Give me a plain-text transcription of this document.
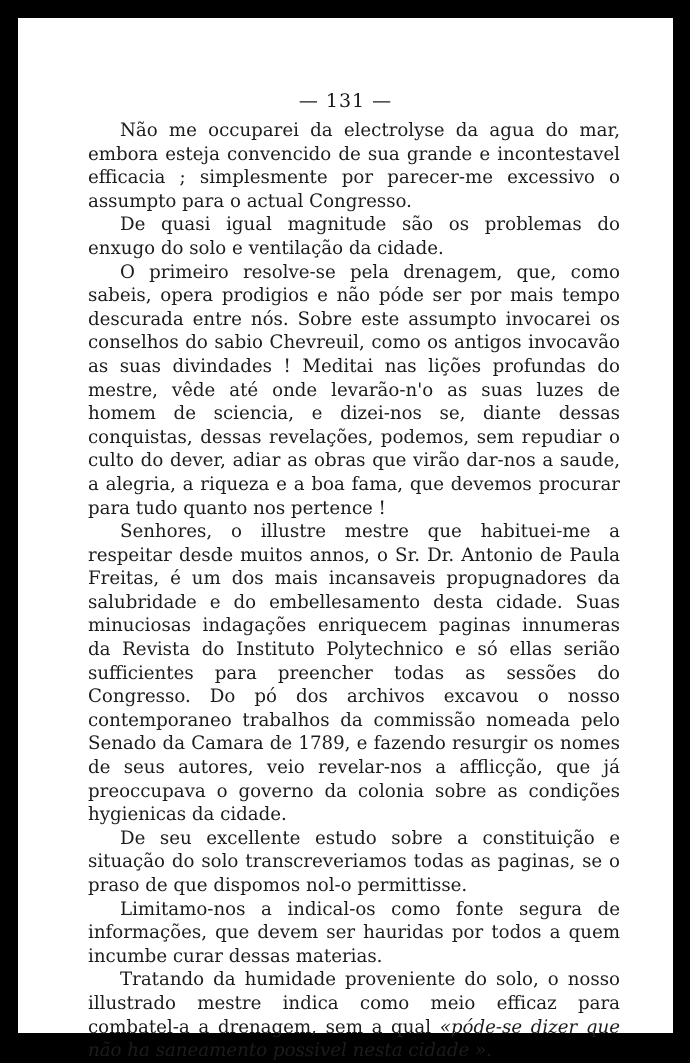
— 131 —

Não me occuparei da electrolyse da agua do mar, embora esteja convencido de sua grande e incontestavel efficacia ; simplesmente por parecer-me excessivo o assumpto para o actual Congresso.

De quasi igual magnitude são os problemas do enxugo do solo e ventilação da cidade.

O primeiro resolve-se pela drenagem, que, como sabeis, opera prodigios e não póde ser por mais tempo descurada entre nós. Sobre este assumpto invocarei os conselhos do sabio Chevreuil, como os antigos invocavão as suas divindades ! Meditai nas lições profundas do mestre, vêde até onde levarão-n'o as suas luzes de homem de sciencia, e dizei-nos se, diante dessas conquistas, dessas revelações, podemos, sem repudiar o culto do dever, adiar as obras que virão dar-nos a saude, a alegria, a riqueza e a boa fama, que devemos procurar para tudo quanto nos pertence !

Senhores, o illustre mestre que habituei-me a respeitar desde muitos annos, o Sr. Dr. Antonio de Paula Freitas, é um dos mais incansaveis propugnadores da salubridade e do embellesamento desta cidade. Suas minuciosas indagações enriquecem paginas innumeras da Revista do Instituto Polytechnico e só ellas serião sufficientes para preencher todas as sessões do Congresso. Do pó dos archivos excavou o nosso contemporaneo trabalhos da commissão nomeada pelo Senado da Camara de 1789, e fazendo resurgir os nomes de seus autores, veio revelar-nos a afflicção, que já preoccupava o governo da colonia sobre as condições hygienicas da cidade.

De seu excellente estudo sobre a constituição e situação do solo transcreveriamos todas as paginas, se o praso de que dispomos nol-o permittisse.

Limitamo-nos a indical-os como fonte segura de informações, que devem ser hauridas por todos a quem incumbe curar dessas materias.

Tratando da humidade proveniente do solo, o nosso illustrado mestre indica como meio efficaz para combatel-a a drenagem, sem a qual «póde-se dizer que não ha saneamento possivel nesta cidade ».
